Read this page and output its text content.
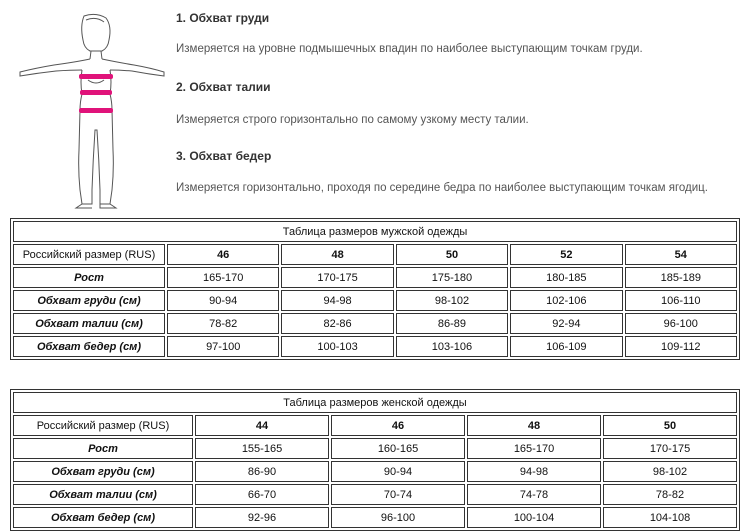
1. Обхват груди
Измеряется на уровне подмышечных впадин по наиболее выступающим точкам груди.
2. Обхват талии
Измеряется строго горизонтально по самому узкому месту талии.
3. Обхват бедер
Измеряется горизонтально, проходя по середине бедра по наиболее выступающим точкам ягодиц.
Таблица размеров мужской одежды					
Российский размер (RUS)	46	48	50	52	54
Рост	165-170	170-175	175-180	180-185	185-189
Обхват груди (см)	90-94	94-98	98-102	102-106	106-110
Обхват талии (см)	78-82	82-86	86-89	92-94	96-100
Обхват бедер (см)	97-100	100-103	103-106	106-109	109-112
Таблица размеров женской одежды				
Российский размер (RUS)	44	46	48	50
Рост	155-165	160-165	165-170	170-175
Обхват груди (см)	86-90	90-94	94-98	98-102
Обхват талии (см)	66-70	70-74	74-78	78-82
Обхват бедер (см)	92-96	96-100	100-104	104-108
